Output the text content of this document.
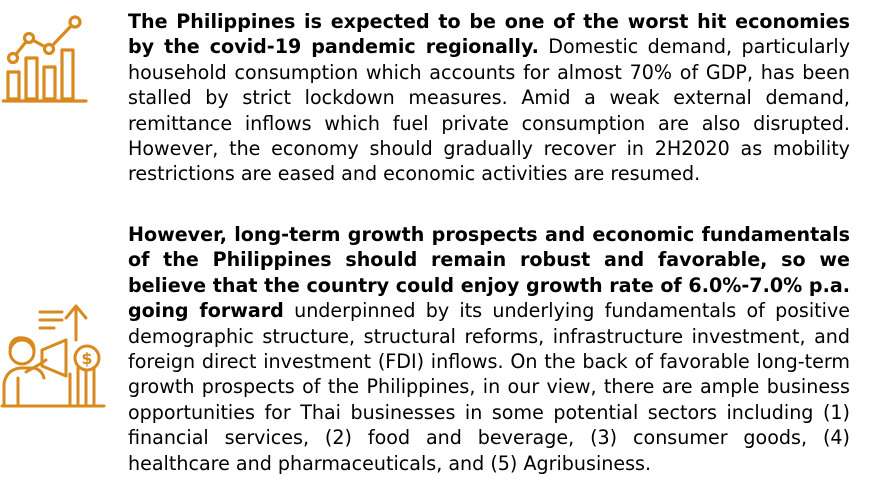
$

The Philippines is expected to be one of the worst hit economies by the covid-19 pandemic regionally. Domestic demand, particularly household consumption which accounts for almost 70% of GDP, has been stalled by strict lockdown measures. Amid a weak external demand, remittance inflows which fuel private consumption are also disrupted. However, the economy should gradually recover in 2H2020 as mobility restrictions are eased and economic activities are resumed.

However, long-term growth prospects and economic fundamentals of the Philippines should remain robust and favorable, so we believe that the country could enjoy growth rate of 6.0%-7.0% p.a. going forward underpinned by its underlying fundamentals of positive demographic structure, structural reforms, infrastructure investment, and foreign direct investment (FDI) inflows. On the back of favorable long-term growth prospects of the Philippines, in our view, there are ample business opportunities for Thai businesses in some potential sectors including (1) financial services, (2) food and beverage, (3) consumer goods, (4) healthcare and pharmaceuticals, and (5) Agribusiness.
